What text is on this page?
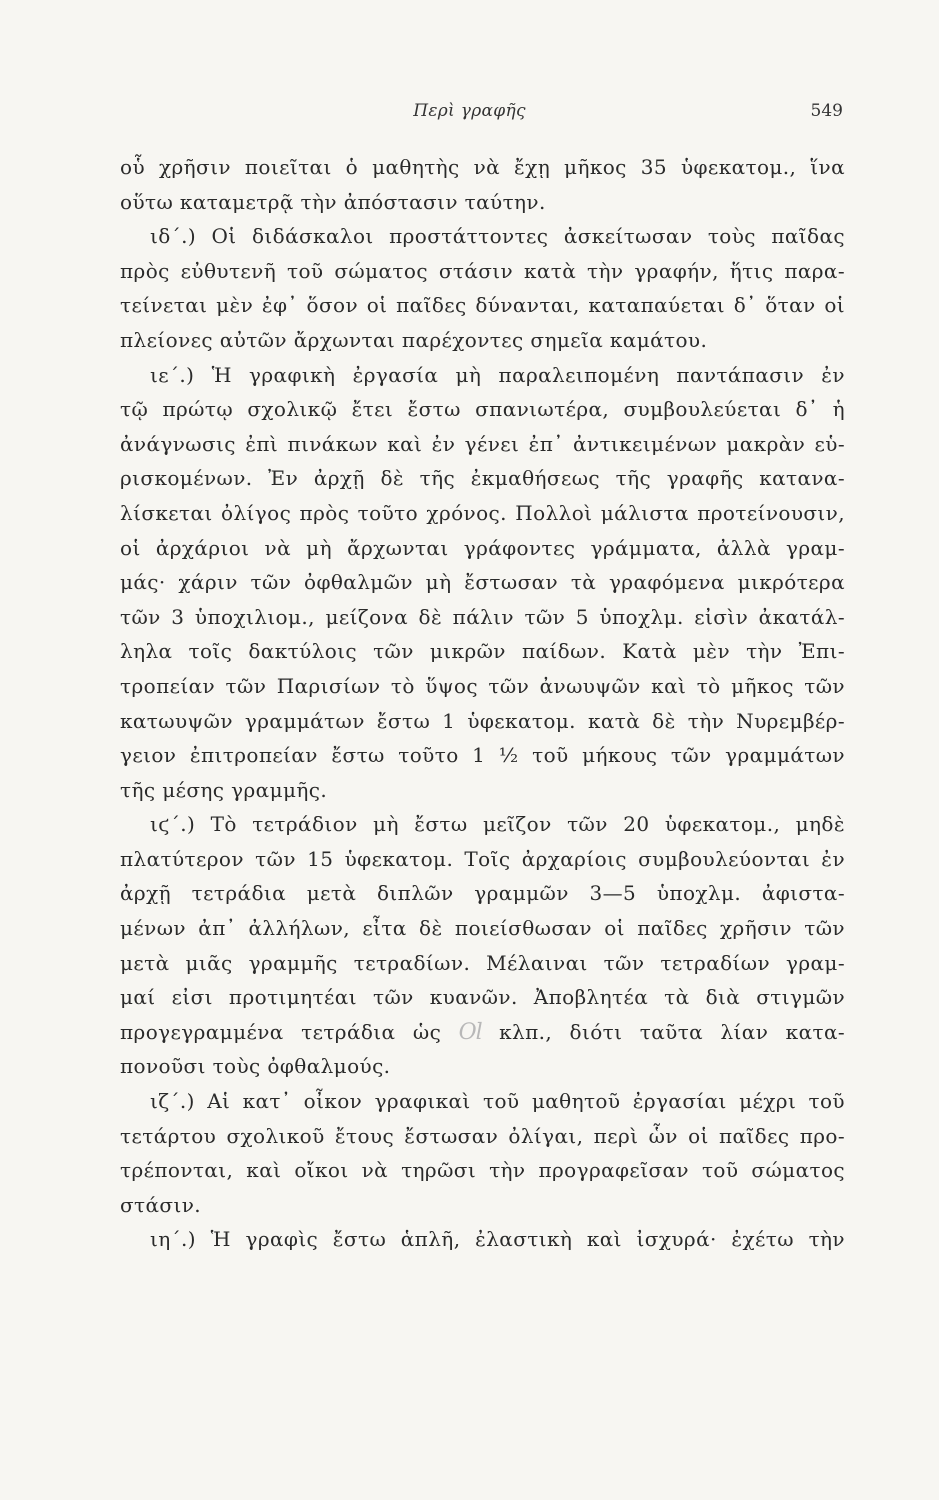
Περὶ γραφῆς	549
οὗ χρῆσιν ποιεῖται ὁ μαθητὴς νὰ ἔχῃ μῆκος 35 ὑφεκατομ., ἵνα
οὕτω καταμετρᾷ τὴν ἀπόστασιν ταύτην.
ιδ΄.) Οἱ διδάσκαλοι προστάττοντες ἀσκείτωσαν τοὺς παῖδας
πρὸς εὐθυτενῆ τοῦ σώματος στάσιν κατὰ τὴν γραφήν, ἥτις παρα-
τείνεται μὲν ἐφ᾽ ὅσον οἱ παῖδες δύνανται, καταπαύεται δ᾽ ὅταν οἱ
πλείονες αὐτῶν ἄρχωνται παρέχοντες σημεῖα καμάτου.
ιε΄.) Ἡ γραφικὴ ἐργασία μὴ παραλειπομένη παντάπασιν ἐν
τῷ πρώτῳ σχολικῷ ἔτει ἔστω σπανιωτέρα, συμβουλεύεται δ᾽ ἡ
ἀνάγνωσις ἐπὶ πινάκων καὶ ἐν γένει ἐπ᾽ ἀντικειμένων μακρὰν εὑ-
ρισκομένων. Ἐν ἀρχῇ δὲ τῆς ἐκμαθήσεως τῆς γραφῆς κατανα-
λίσκεται ὀλίγος πρὸς τοῦτο χρόνος. Πολλοὶ μάλιστα προτείνουσιν,
οἱ ἀρχάριοι νὰ μὴ ἄρχωνται γράφοντες γράμματα, ἀλλὰ γραμ-
μάς· χάριν τῶν ὀφθαλμῶν μὴ ἔστωσαν τὰ γραφόμενα μικρότερα
τῶν 3 ὑποχιλιομ., μείζονα δὲ πάλιν τῶν 5 ὑποχλμ. εἰσὶν ἀκατάλ-
ληλα τοῖς δακτύλοις τῶν μικρῶν παίδων. Κατὰ μὲν τὴν Ἐπι-
τροπείαν τῶν Παρισίων τὸ ὕψος τῶν ἀνωυψῶν καὶ τὸ μῆκος τῶν
κατωυψῶν γραμμάτων ἔστω 1 ὑφεκατομ. κατὰ δὲ τὴν Νυρεμβέρ-
γειον ἐπιτροπείαν ἔστω τοῦτο 1 ½ τοῦ μήκους τῶν γραμμάτων
τῆς μέσης γραμμῆς.
ιϛ΄.) Τὸ τετράδιον μὴ ἔστω μεῖζον τῶν 20 ὑφεκατομ., μηδὲ
πλατύτερον τῶν 15 ὑφεκατομ. Τοῖς ἀρχαρίοις συμβουλεύονται ἐν
ἀρχῇ τετράδια μετὰ διπλῶν γραμμῶν 3—5 ὑποχλμ. ἀφιστα-
μένων ἀπ᾽ ἀλλήλων, εἶτα δὲ ποιείσθωσαν οἱ παῖδες χρῆσιν τῶν
μετὰ μιᾶς γραμμῆς τετραδίων. Μέλαιναι τῶν τετραδίων γραμ-
μαί εἰσι προτιμητέαι τῶν κυανῶν. Ἀποβλητέα τὰ διὰ στιγμῶν
προγεγραμμένα τετράδια ὡς Ol κλπ., διότι ταῦτα λίαν κατα-
πονοῦσι τοὺς ὀφθαλμούς.
ιζ΄.) Αἱ κατ᾽ οἶκον γραφικαὶ τοῦ μαθητοῦ ἐργασίαι μέχρι τοῦ
τετάρτου σχολικοῦ ἔτους ἔστωσαν ὀλίγαι, περὶ ὧν οἱ παῖδες προ-
τρέπονται, καὶ οἴκοι νὰ τηρῶσι τὴν προγραφεῖσαν τοῦ σώματος
στάσιν.
ιη΄.) Ἡ γραφὶς ἔστω ἁπλῆ, ἐλαστικὴ καὶ ἰσχυρά· ἐχέτω τὴν
